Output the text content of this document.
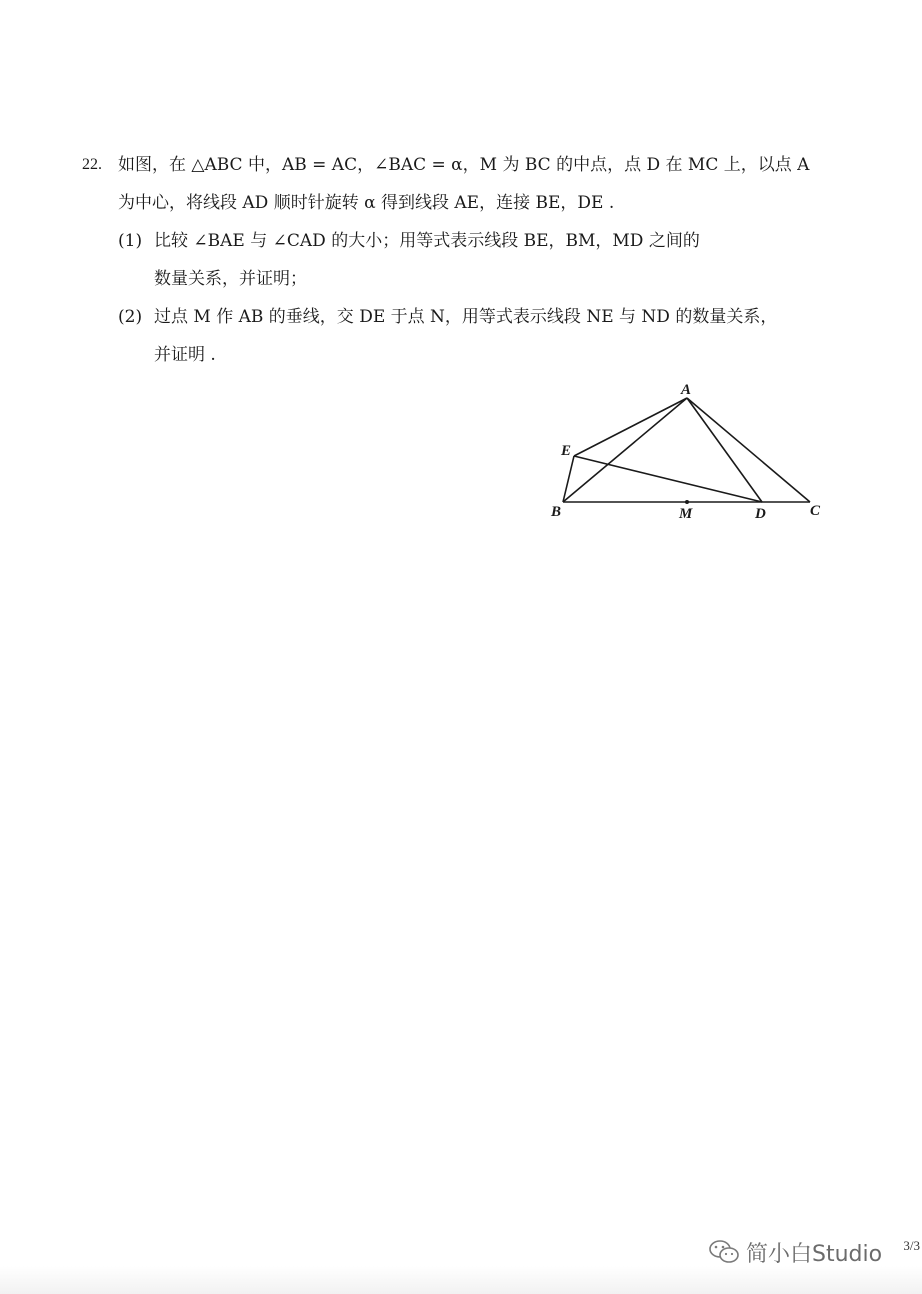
22. 如图，在 △ABC 中，AB = AC，∠BAC = α，M 为 BC 的中点，点 D 在 MC 上，以点 A
为中心，将线段 AD 顺时针旋转 α 得到线段 AE，连接 BE，DE .
(1) 比较 ∠BAE 与 ∠CAD 的大小；用等式表示线段 BE，BM，MD 之间的
数量关系，并证明；
(2) 过点 M 作 AB 的垂线，交 DE 于点 N，用等式表示线段 NE 与 ND 的数量关系，
并证明 .
A
E
B	M	D	C
简小白Studio 3/3
